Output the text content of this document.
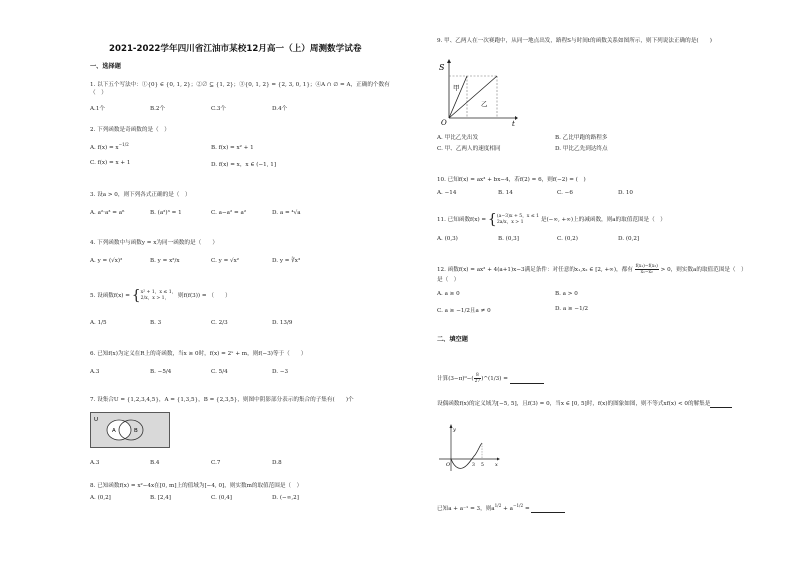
2021-2022学年四川省江油市某校12月高一（上）周测数学试卷
一、选择题
1. 以下五个写法中：①{0} ∈ {0, 1, 2}；②∅ ⊆ {1, 2}；③{0, 1, 2} = {2, 3, 0, 1}；④A ∩ ∅ = A，正确的个数有
（　）
A.1个	B.2个	C.3个	D.4个
2. 下列函数是奇函数的是（　）
A. $f(x) = x^{-1/2}$
B. f(x) = x² + 1
C. f(x) = x + 1	D. f(x) = x，x ∈ (−1, 1]
3. 设a > 0，则下列各式正确的是（　）
A. a²·a³ = a⁶	B. (a²)³ = 1	C. a−a² = a²	D. a = ⁴√a
4. 下列函数中与函数y = x为同一函数的是（　　）
A. y = (√x)²	B. y = x²/x	C. y = √x²	D. y = ∛x³
5. 设函数f(x) = { x² + 1，x ≤ 1，
2/x，x > 1，	则f(f(3)) = （　　）
A. 1/5	B. 3	C. 2/3	D. 13/9
6. 已知f(x)为定义在R上的奇函数，当x ≥ 0时，f(x) = 2ˣ + m，则f(−3)等于（　　）
A.3	B. −5/4	C. 5/4	D. −3
7. 设集合U = {1,2,3,4,5}，A = {1,3,5}，B = {2,3,5}，则图中阴影部分表示的集合的子集有(　　)个
U
A	B
A.3	B.4	C.7	D.8
8. 已知函数f(x) = x²−4x在[0, m]上的值域为[−4, 0]，则实数m的取值范围是（　）
A. (0,2]	B. [2,4]	C. (0,4]	D. (−∞,2]
9. 甲、乙两人在一次赛跑中，从同一地点出发，路程S与时间t的函数关系如图所示，则下列说法正确的是(　　)
S
O	t
甲
乙
A. 甲比乙先出发	B. 乙比甲跑的路程多
C. 甲、乙两人的速度相同	D. 甲比乙先到达终点
10. 已知f(x) = ax³ + bx−4，若f(2) = 6，则f(−2) = (　)
A. −14	B. 14	C. −6	D. 10
11. 已知函数f(x) = { (a−3)x + 5，x ≤ 1
2a/x，x > 1	是(−∞, +∞)上的减函数，则a的取值范围是（　）
A. (0,3)	B. (0,3]	C. (0,2)	D. (0,2]
12. 函数f(x) = ax² + 4(a+1)x−3满足条件：对任意的x₁,x₂ ∈ [2, +∞)，都有 $\frac{\text{f(x₁)−f(x₂)}}{\text{x₁−x₂}} > 0$，则实数a的取值范围是（　）
是（　）
A. a ≥ 0	B. a > 0
C. a ≥ −1/2且a ≠ 0	D. a ≥ −1/2
二、填空题
计算$(3-\pi)^0-( \frac{8}{27}$ )^(1/3) =
设偶函数f(x)的定义域为[−5, 5]，且f(3) = 0，当x ∈ [0, 5]时，f(x)的图象如图，则不等式xf(x) < 0的解集是
y
O	3 5 x
已知a + a⁻¹ = 3，则$a^{1/2} + a^{-1/2}$ =
